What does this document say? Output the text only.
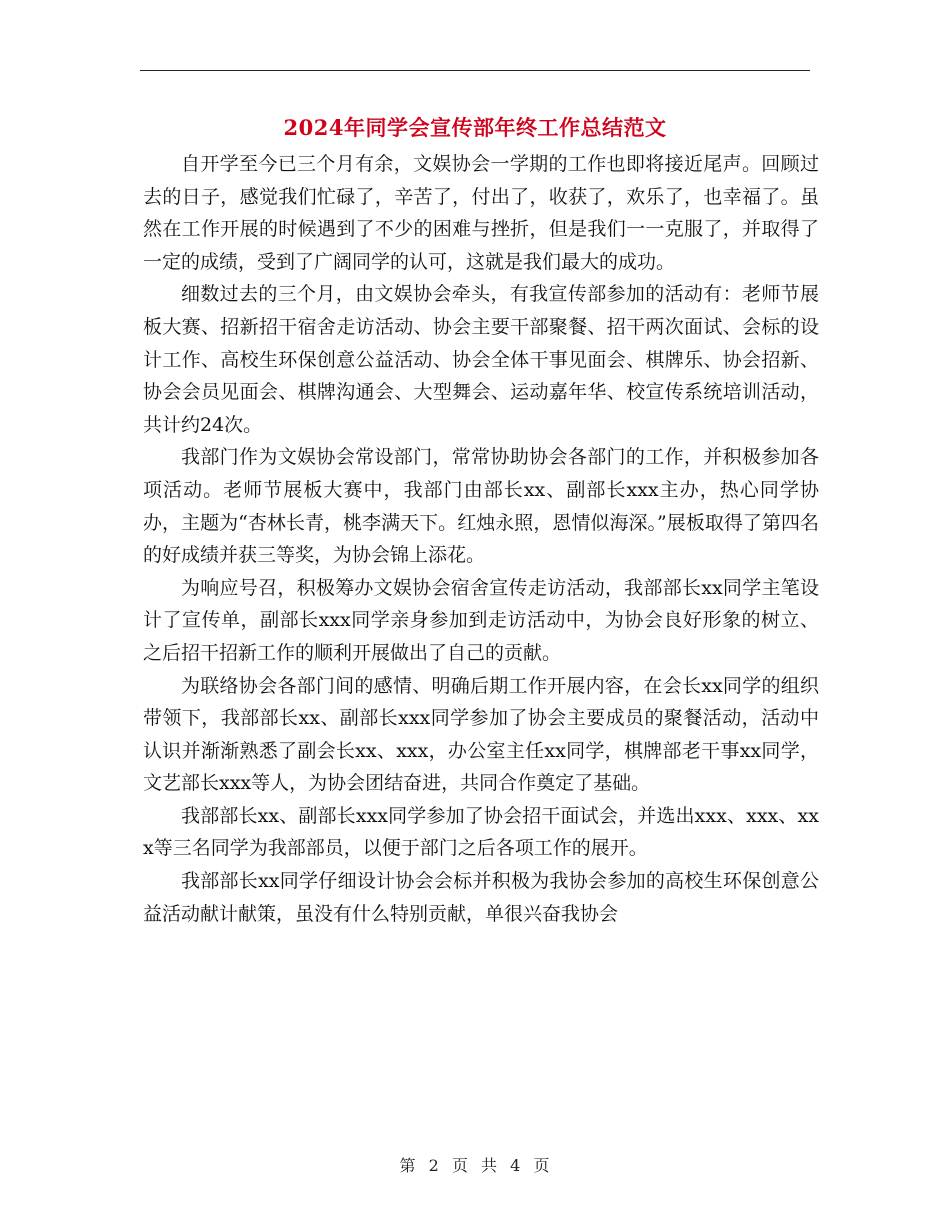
2024年同学会宣传部年终工作总结范文

自开学至今已三个月有余，文娱协会一学期的工作也即将接近尾声。回顾过去的日子，感觉我们忙碌了，辛苦了，付出了，收获了，欢乐了，也幸福了。虽然在工作开展的时候遇到了不少的困难与挫折，但是我们一一克服了，并取得了一定的成绩，受到了广阔同学的认可，这就是我们最大的成功。

细数过去的三个月，由文娱协会牵头，有我宣传部参加的活动有：老师节展板大赛、招新招干宿舍走访活动、协会主要干部聚餐、招干两次面试、会标的设计工作、高校生环保创意公益活动、协会全体干事见面会、棋牌乐、协会招新、协会会员见面会、棋牌沟通会、大型舞会、运动嘉年华、校宣传系统培训活动，共计约24次。

我部门作为文娱协会常设部门，常常协助协会各部门的工作，并积极参加各项活动。老师节展板大赛中，我部门由部长xx、副部长xxx主办，热心同学协办，主题为“杏林长青，桃李满天下。红烛永照，恩情似海深。”展板取得了第四名的好成绩并获三等奖，为协会锦上添花。

为响应号召，积极筹办文娱协会宿舍宣传走访活动，我部部长xx同学主笔设计了宣传单，副部长xxx同学亲身参加到走访活动中，为协会良好形象的树立、之后招干招新工作的顺利开展做出了自己的贡献。

为联络协会各部门间的感情、明确后期工作开展内容，在会长xx同学的组织带领下，我部部长xx、副部长xxx同学参加了协会主要成员的聚餐活动，活动中认识并渐渐熟悉了副会长xx、xxx，办公室主任xx同学，棋牌部老干事xx同学，文艺部长xxx等人，为协会团结奋进，共同合作奠定了基础。

我部部长xx、副部长xxx同学参加了协会招干面试会，并选出xxx、xxx、xxx等三名同学为我部部员，以便于部门之后各项工作的展开。

我部部长xx同学仔细设计协会会标并积极为我协会参加的高校生环保创意公益活动献计献策，虽没有什么特别贡献，单很兴奋我协会

第 2 页 共 4 页
